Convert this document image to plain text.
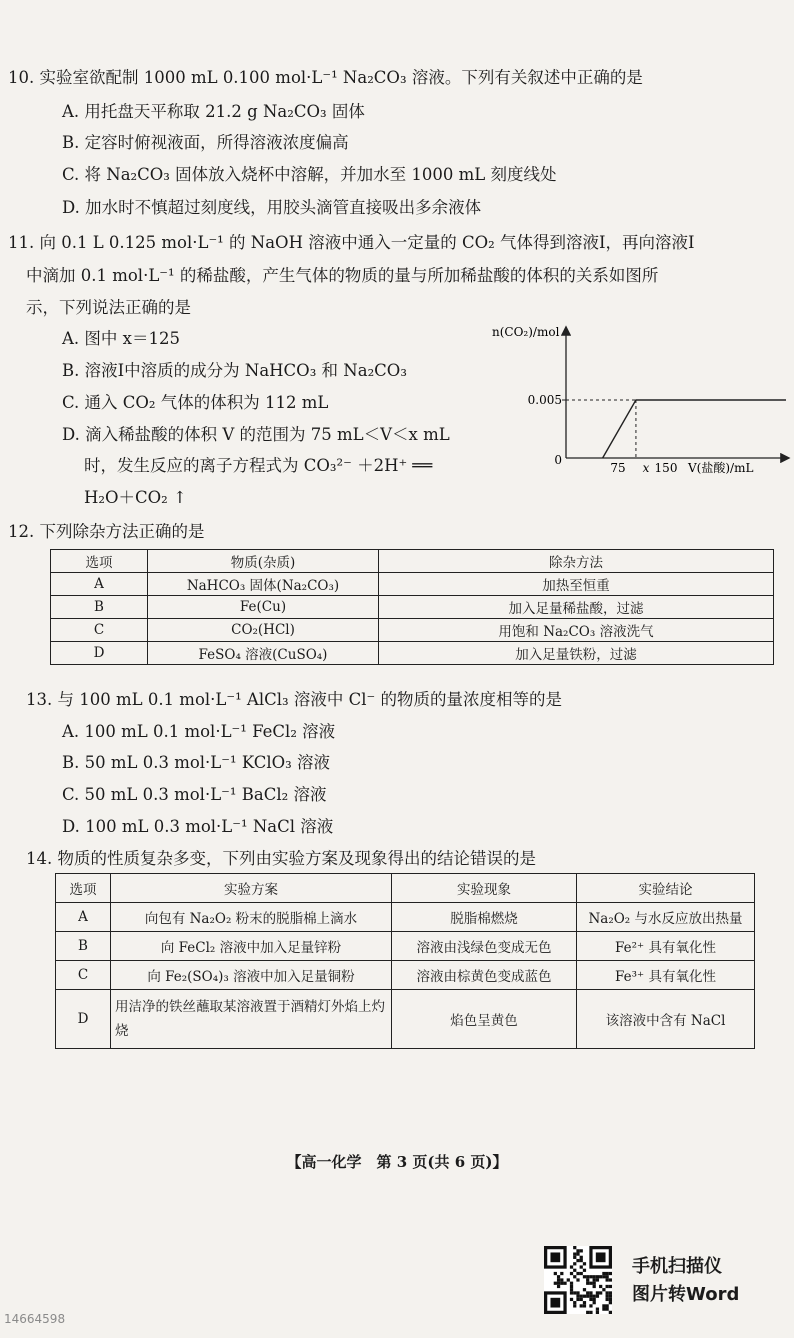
10. 实验室欲配制 1000 mL 0.100 mol·L⁻¹ Na₂CO₃ 溶液。下列有关叙述中正确的是
A. 用托盘天平称取 21.2 g Na₂CO₃ 固体
B. 定容时俯视液面，所得溶液浓度偏高
C. 将 Na₂CO₃ 固体放入烧杯中溶解，并加水至 1000 mL 刻度线处
D. 加水时不慎超过刻度线，用胶头滴管直接吸出多余液体
11. 向 0.1 L 0.125 mol·L⁻¹ 的 NaOH 溶液中通入一定量的 CO₂ 气体得到溶液Ⅰ，再向溶液Ⅰ
中滴加 0.1 mol·L⁻¹ 的稀盐酸，产生气体的物质的量与所加稀盐酸的体积的关系如图所
示，下列说法正确的是
A. 图中 x＝125
B. 溶液Ⅰ中溶质的成分为 NaHCO₃ 和 Na₂CO₃
C. 通入 CO₂ 气体的体积为 112 mL
D. 滴入稀盐酸的体积 V 的范围为 75 mL＜V＜x mL
时，发生反应的离子方程式为 CO₃²⁻ ＋2H⁺ ══
H₂O＋CO₂ ↑
n(CO₂)/mol
V(盐酸)/mL
0
0.005
75 x 150
12. 下列除杂方法正确的是
选项	物质(杂质)	除杂方法
A	NaHCO₃ 固体(Na₂CO₃)	加热至恒重
B	Fe(Cu)	加入足量稀盐酸，过滤
C	CO₂(HCl)	用饱和 Na₂CO₃ 溶液洗气
D	FeSO₄ 溶液(CuSO₄)	加入足量铁粉，过滤
13. 与 100 mL 0.1 mol·L⁻¹ AlCl₃ 溶液中 Cl⁻ 的物质的量浓度相等的是
A. 100 mL 0.1 mol·L⁻¹ FeCl₂ 溶液
B. 50 mL 0.3 mol·L⁻¹ KClO₃ 溶液
C. 50 mL 0.3 mol·L⁻¹ BaCl₂ 溶液
D. 100 mL 0.3 mol·L⁻¹ NaCl 溶液
14. 物质的性质复杂多变，下列由实验方案及现象得出的结论错误的是
选项	实验方案	实验现象	实验结论
A	向包有 Na₂O₂ 粉末的脱脂棉上滴水	脱脂棉燃烧	Na₂O₂ 与水反应放出热量
B	向 FeCl₂ 溶液中加入足量锌粉	溶液由浅绿色变成无色	Fe²⁺ 具有氧化性
C	向 Fe₂(SO₄)₃ 溶液中加入足量铜粉	溶液由棕黄色变成蓝色	Fe³⁺ 具有氧化性
D	用洁净的铁丝蘸取某溶液置于酒精灯外焰上灼烧	焰色呈黄色	该溶液中含有 NaCl
【高一化学　第 3 页(共 6 页)】
手机扫描仪
图片转Word
14664598
